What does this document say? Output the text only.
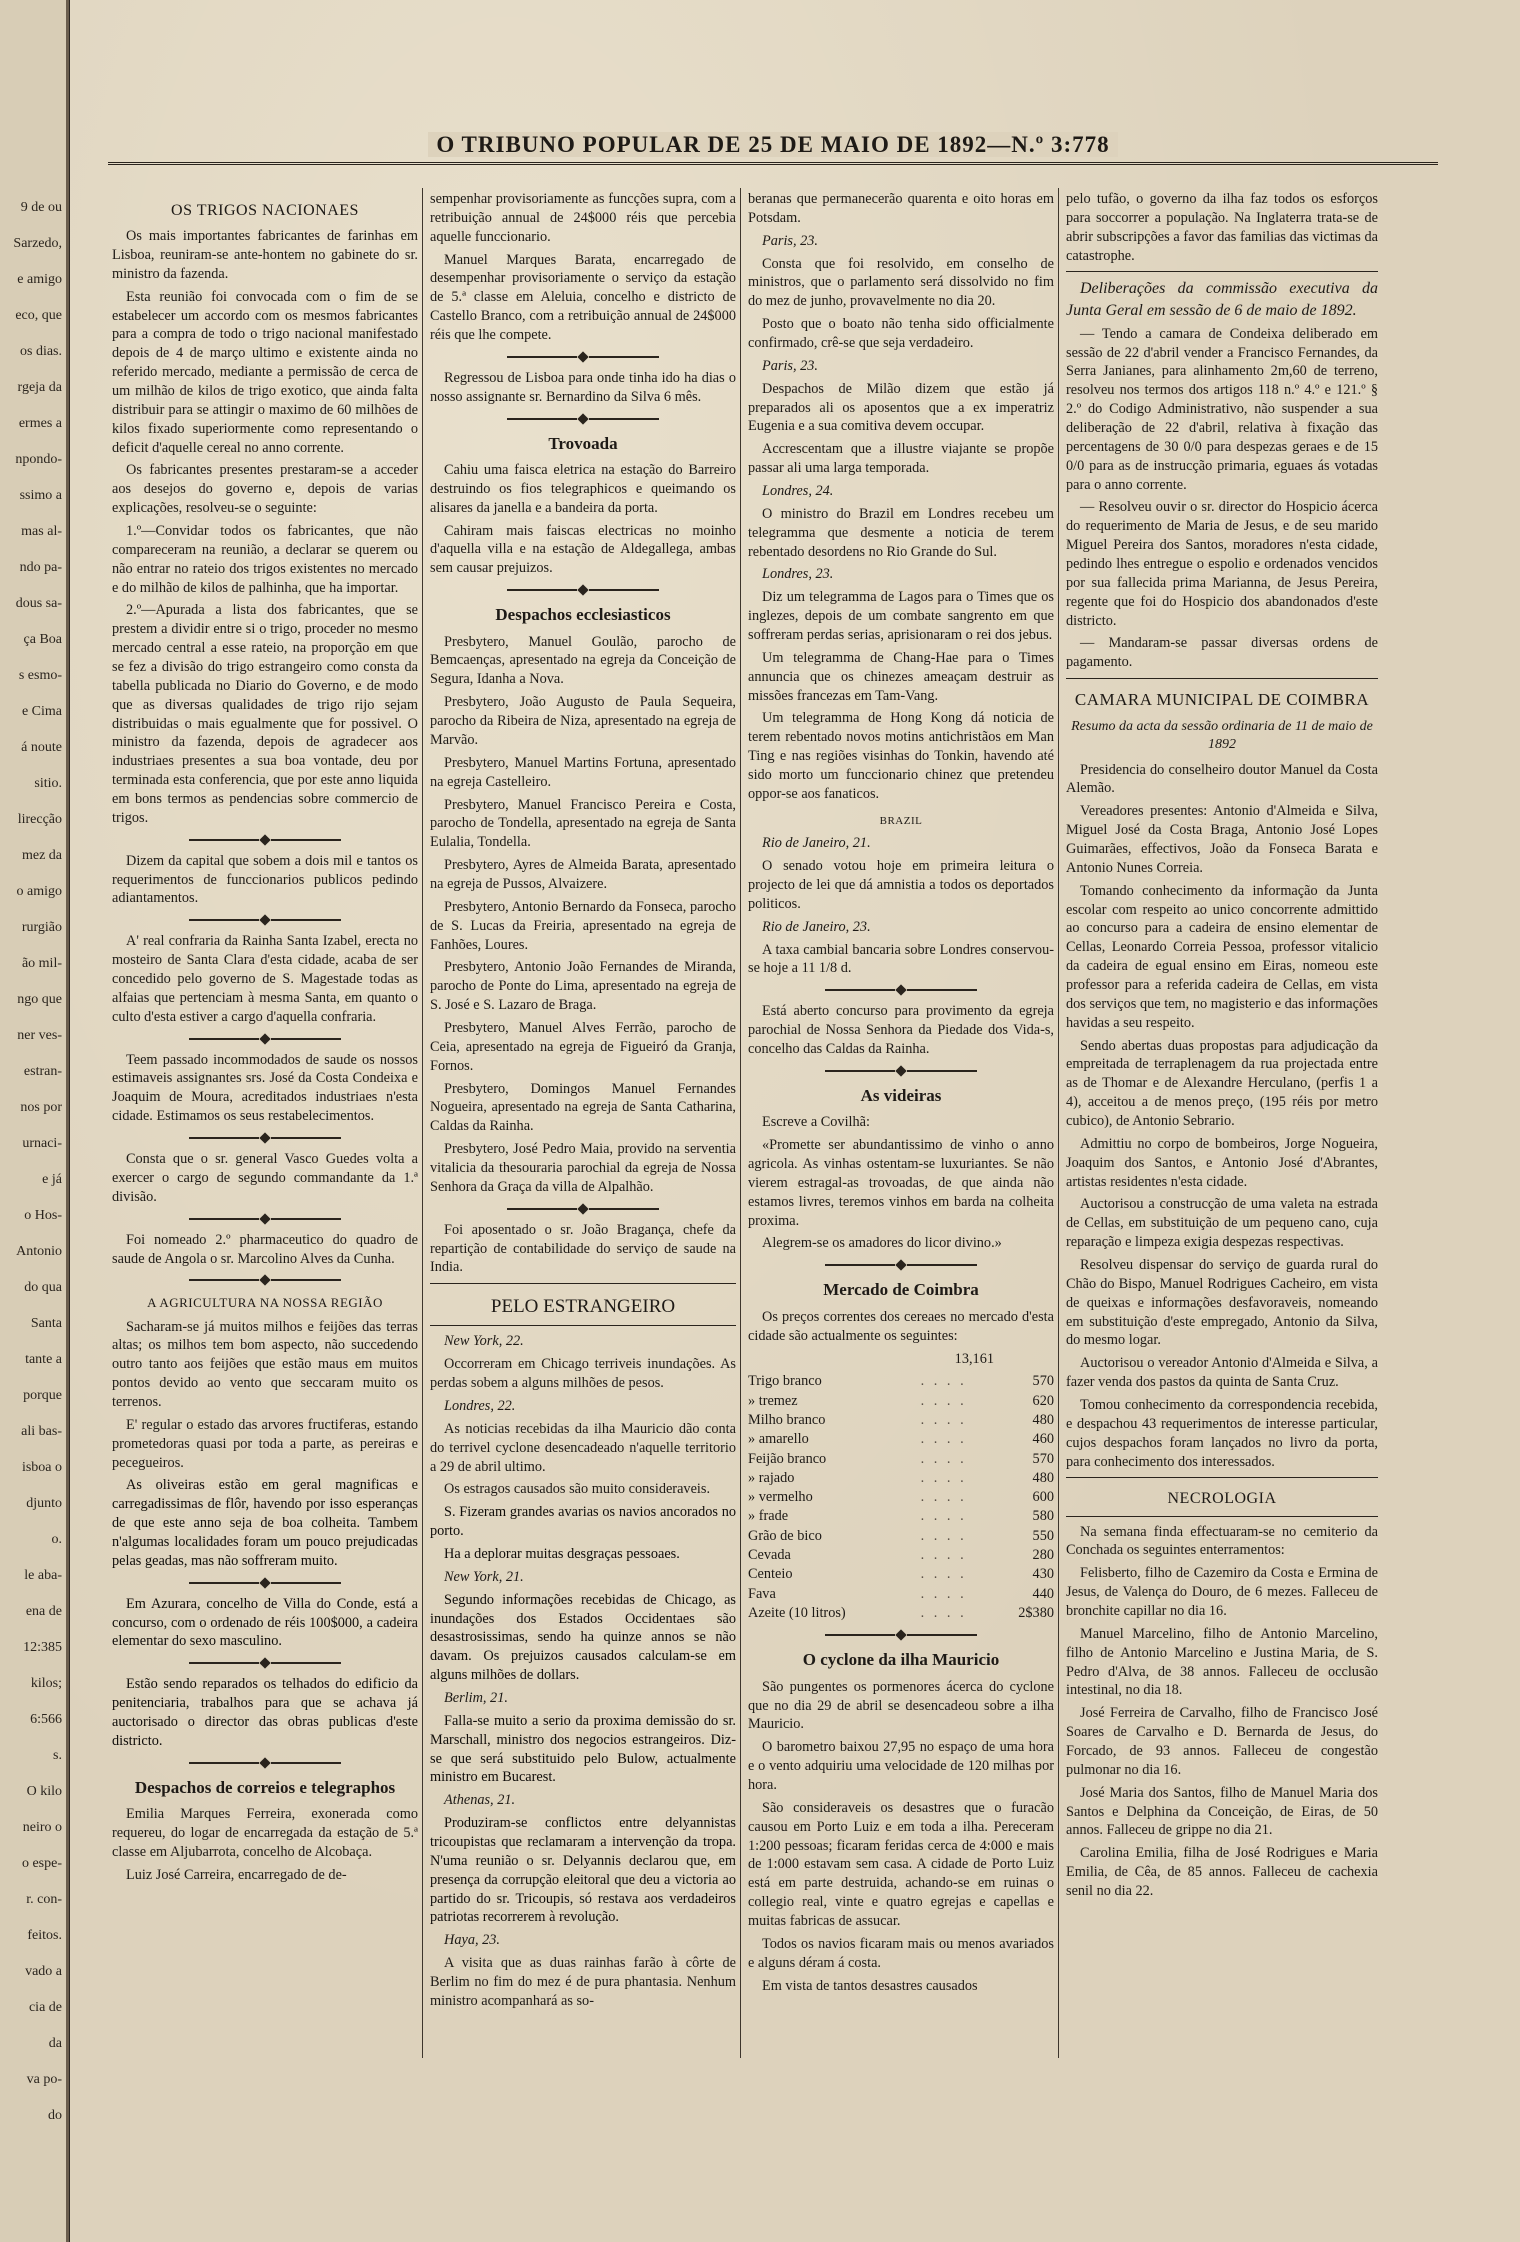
9 de ou
Sarzedo,
e amigo
eco, que
os dias.
rgeja da
ermes a
npondo-
ssimo a
mas al-
ndo pa-
dous sa-
ça Boa
s esmo-
e Cima
á noute
sitio.
lirecção
mez da
o amigo
rurgião
ão mil-
ngo que
ner ves-
estran-
nos por
urnaci-
e já
o Hos-
Antonio
do qua
Santa
tante a
porque
ali bas-
isboa o
djunto
o.
le aba-
ena de
12:385
kilos;
6:566
s.
O kilo
neiro o
o espe-
r. con-
feitos.
vado a
cia de
da
va po-
do
O TRIBUNO POPULAR DE 25 DE MAIO DE 1892—N.º 3:778
OS TRIGOS NACIONAES

Os mais importantes fabricantes de farinhas em Lisboa, reuniram-se ante-hontem no gabinete do sr. ministro da fazenda.

Esta reunião foi convocada com o fim de se estabelecer um accordo com os mesmos fabricantes para a compra de todo o trigo nacional manifestado depois de 4 de março ultimo e existente ainda no referido mercado, mediante a permissão de cerca de um milhão de kilos de trigo exotico, que ainda falta distribuir para se attingir o maximo de 60 milhões de kilos fixado superiormente como representando o deficit d'aquelle cereal no anno corrente.

Os fabricantes presentes prestaram-se a acceder aos desejos do governo e, depois de varias explicações, resolveu-se o seguinte:

1.º—Convidar todos os fabricantes, que não compareceram na reunião, a declarar se querem ou não entrar no rateio dos trigos existentes no mercado e do milhão de kilos de palhinha, que ha importar.

2.º—Apurada a lista dos fabricantes, que se prestem a dividir entre si o trigo, proceder no mesmo mercado central a esse rateio, na proporção em que se fez a divisão do trigo estrangeiro como consta da tabella publicada no Diario do Governo, e de modo que as diversas qualidades de trigo rijo sejam distribuidas o mais egualmente que for possivel. O ministro da fazenda, depois de agradecer aos industriaes presentes a sua boa vontade, deu por terminada esta conferencia, que por este anno liquida em bons termos as pendencias sobre commercio de trigos.

Dizem da capital que sobem a dois mil e tantos os requerimentos de funccionarios publicos pedindo adiantamentos.

A' real confraria da Rainha Santa Izabel, erecta no mosteiro de Santa Clara d'esta cidade, acaba de ser concedido pelo governo de S. Magestade todas as alfaias que pertenciam à mesma Santa, em quanto o culto d'esta estiver a cargo d'aquella confraria.

Teem passado incommodados de saude os nossos estimaveis assignantes srs. José da Costa Condeixa e Joaquim de Moura, acreditados industriaes n'esta cidade. Estimamos os seus restabelecimentos.

Consta que o sr. general Vasco Guedes volta a exercer o cargo de segundo commandante da 1.ª divisão.

Foi nomeado 2.º pharmaceutico do quadro de saude de Angola o sr. Marcolino Alves da Cunha.

A AGRICULTURA NA NOSSA REGIÃO

Sacharam-se já muitos milhos e feijões das terras altas; os milhos tem bom aspecto, não succedendo outro tanto aos feijões que estão maus em muitos pontos devido ao vento que seccaram muito os terrenos.

E' regular o estado das arvores fructiferas, estando prometedoras quasi por toda a parte, as pereiras e pecegueiros.

As oliveiras estão em geral magnificas e carregadissimas de flôr, havendo por isso esperanças de que este anno seja de boa colheita. Tambem n'algumas localidades foram um pouco prejudicadas pelas geadas, mas não soffreram muito.

Em Azurara, concelho de Villa do Conde, está a concurso, com o ordenado de réis 100$000, a cadeira elementar do sexo masculino.

Estão sendo reparados os telhados do edificio da penitenciaria, trabalhos para que se achava já auctorisado o director das obras publicas d'este districto.

Despachos de correios e telegraphos

Emilia Marques Ferreira, exonerada como requereu, do logar de encarregada da estação de 5.ª classe em Aljubarrota, concelho de Alcobaça.

Luiz José Carreira, encarregado de de-

sempenhar provisoriamente as funcções supra, com a retribuição annual de 24$000 réis que percebia aquelle funccionario.

Manuel Marques Barata, encarregado de desempenhar provisoriamente o serviço da estação de 5.ª classe em Aleluia, concelho e districto de Castello Branco, com a retribuição annual de 24$000 réis que lhe compete.

Regressou de Lisboa para onde tinha ido ha dias o nosso assignante sr. Bernardino da Silva 6 mês.

Trovoada

Cahiu uma faisca eletrica na estação do Barreiro destruindo os fios telegraphicos e queimando os alisares da janella e a bandeira da porta.

Cahiram mais faiscas electricas no moinho d'aquella villa e na estação de Aldegallega, ambas sem causar prejuizos.

Despachos ecclesiasticos

Presbytero, Manuel Goulão, parocho de Bemcaenças, apresentado na egreja da Conceição de Segura, Idanha a Nova.

Presbytero, João Augusto de Paula Sequeira, parocho da Ribeira de Niza, apresentado na egreja de Marvão.

Presbytero, Manuel Martins Fortuna, apresentado na egreja Castelleiro.

Presbytero, Manuel Francisco Pereira e Costa, parocho de Tondella, apresentado na egreja de Santa Eulalia, Tondella.

Presbytero, Ayres de Almeida Barata, apresentado na egreja de Pussos, Alvaizere.

Presbytero, Antonio Bernardo da Fonseca, parocho de S. Lucas da Freiria, apresentado na egreja de Fanhões, Loures.

Presbytero, Antonio João Fernandes de Miranda, parocho de Ponte do Lima, apresentado na egreja de S. José e S. Lazaro de Braga.

Presbytero, Manuel Alves Ferrão, parocho de Ceia, apresentado na egreja de Figueiró da Granja, Fornos.

Presbytero, Domingos Manuel Fernandes Nogueira, apresentado na egreja de Santa Catharina, Caldas da Rainha.

Presbytero, José Pedro Maia, provido na serventia vitalicia da thesouraria parochial da egreja de Nossa Senhora da Graça da villa de Alpalhão.

Foi aposentado o sr. João Bragança, chefe da repartição de contabilidade do serviço de saude na India.

PELO ESTRANGEIRO

New York, 22.

Occorreram em Chicago terriveis inundações. As perdas sobem a alguns milhões de pesos.

Londres, 22.

As noticias recebidas da ilha Mauricio dão conta do terrivel cyclone desencadeado n'aquelle territorio a 29 de abril ultimo.

Os estragos causados são muito consideraveis.

S. Fizeram grandes avarias os navios ancorados no porto.

Ha a deplorar muitas desgraças pessoaes.

New York, 21.

Segundo informações recebidas de Chicago, as inundações dos Estados Occidentaes são desastrosissimas, sendo ha quinze annos se não davam. Os prejuizos causados calculam-se em alguns milhões de dollars.

Berlim, 21.

Falla-se muito a serio da proxima demissão do sr. Marschall, ministro dos negocios estrangeiros. Diz-se que será substituido pelo Bulow, actualmente ministro em Bucarest.

Athenas, 21.

Produziram-se conflictos entre delyannistas tricoupistas que reclamaram a intervenção da tropa. N'uma reunião o sr. Delyannis declarou que, em presença da corrupção eleitoral que deu a victoria ao partido do sr. Tricoupis, só restava aos verdadeiros patriotas recorrerem à revolução.

Haya, 23.

A visita que as duas rainhas farão à côrte de Berlim no fim do mez é de pura phantasia. Nenhum ministro acompanhará as so-

beranas que permanecerão quarenta e oito horas em Potsdam.

Paris, 23.

Consta que foi resolvido, em conselho de ministros, que o parlamento será dissolvido no fim do mez de junho, provavelmente no dia 20.

Posto que o boato não tenha sido officialmente confirmado, crê-se que seja verdadeiro.

Paris, 23.

Despachos de Milão dizem que estão já preparados ali os aposentos que a ex imperatriz Eugenia e a sua comitiva devem occupar.

Accrescentam que a illustre viajante se propõe passar ali uma larga temporada.

Londres, 24.

O ministro do Brazil em Londres recebeu um telegramma que desmente a noticia de terem rebentado desordens no Rio Grande do Sul.

Londres, 23.

Diz um telegramma de Lagos para o Times que os inglezes, depois de um combate sangrento em que soffreram perdas serias, aprisionaram o rei dos jebus.

Um telegramma de Chang-Hae para o Times annuncia que os chinezes ameaçam destruir as missões francezas em Tam-Vang.

Um telegramma de Hong Kong dá noticia de terem rebentado novos motins antichristãos em Man Ting e nas regiões visinhas do Tonkin, havendo até sido morto um funccionario chinez que pretendeu oppor-se aos fanaticos.

BRAZIL

Rio de Janeiro, 21.

O senado votou hoje em primeira leitura o projecto de lei que dá amnistia a todos os deportados politicos.

Rio de Janeiro, 23.

A taxa cambial bancaria sobre Londres conservou-se hoje a 11 1/8 d.

Está aberto concurso para provimento da egreja parochial de Nossa Senhora da Piedade dos Vida-s, concelho das Caldas da Rainha.

As videiras

Escreve a Covilhã:

«Promette ser abundantissimo de vinho o anno agricola. As vinhas ostentam-se luxuriantes. Se não vierem estragal-as trovoadas, de que ainda não estamos livres, teremos vinhos em barda na colheita proxima.

Alegrem-se os amadores do licor divino.»

Mercado de Coimbra

Os preços correntes dos cereaes no mercado d'esta cidade são actualmente os seguintes:

13,161
Trigo branco	. . . .	570
» tremez	. . . .	620
Milho branco	. . . .	480
» amarello	. . . .	460
Feijão branco	. . . .	570
» rajado	. . . .	480
» vermelho	. . . .	600
» frade	. . . .	580
Grão de bico	. . . .	550
Cevada	. . . .	280
Centeio	. . . .	430
Fava	. . . .	440
Azeite (10 litros)	. . . .	2$380
O cyclone da ilha Mauricio

São pungentes os pormenores ácerca do cyclone que no dia 29 de abril se desencadeou sobre a ilha Mauricio.

O barometro baixou 27,95 no espaço de uma hora e o vento adquiriu uma velocidade de 120 milhas por hora.

São consideraveis os desastres que o furacão causou em Porto Luiz e em toda a ilha. Pereceram 1:200 pessoas; ficaram feridas cerca de 4:000 e mais de 1:000 estavam sem casa. A cidade de Porto Luiz está em parte destruida, achando-se em ruinas o collegio real, vinte e quatro egrejas e capellas e muitas fabricas de assucar.

Todos os navios ficaram mais ou menos avariados e alguns déram á costa.

Em vista de tantos desastres causados

pelo tufão, o governo da ilha faz todos os esforços para soccorrer a população. Na Inglaterra trata-se de abrir subscripções a favor das familias das victimas da catastrophe.

Deliberações da commissão executiva da Junta Geral em sessão de 6 de maio de 1892.

— Tendo a camara de Condeixa deliberado em sessão de 22 d'abril vender a Francisco Fernandes, da Serra Janianes, para alinhamento 2m,60 de terreno, resolveu nos termos dos artigos 118 n.º 4.º e 121.º § 2.º do Codigo Administrativo, não suspender a sua deliberação de 22 d'abril, relativa à fixação das percentagens de 30 0/0 para despezas geraes e de 15 0/0 para as de instrucção primaria, eguaes ás votadas para o anno corrente.

— Resolveu ouvir o sr. director do Hospicio ácerca do requerimento de Maria de Jesus, e de seu marido Miguel Pereira dos Santos, moradores n'esta cidade, pedindo lhes entregue o espolio e ordenados vencidos por sua fallecida prima Marianna, de Jesus Pereira, regente que foi do Hospicio dos abandonados d'este districto.

— Mandaram-se passar diversas ordens de pagamento.

CAMARA MUNICIPAL DE COIMBRA
Resumo da acta da sessão ordinaria de 11 de maio de 1892

Presidencia do conselheiro doutor Manuel da Costa Alemão.

Vereadores presentes: Antonio d'Almeida e Silva, Miguel José da Costa Braga, Antonio José Lopes Guimarães, effectivos, João da Fonseca Barata e Antonio Nunes Correia.

Tomando conhecimento da informação da Junta escolar com respeito ao unico concorrente admittido ao concurso para a cadeira de ensino elementar de Cellas, Leonardo Correia Pessoa, professor vitalicio da cadeira de egual ensino em Eiras, nomeou este professor para a referida cadeira de Cellas, em vista dos serviços que tem, no magisterio e das informações havidas a seu respeito.

Sendo abertas duas propostas para adjudicação da empreitada de terraplenagem da rua projectada entre as de Thomar e de Alexandre Herculano, (perfis 1 a 4), acceitou a de menos preço, (195 réis por metro cubico), de Antonio Sebrario.

Admittiu no corpo de bombeiros, Jorge Nogueira, Joaquim dos Santos, e Antonio José d'Abrantes, artistas residentes n'esta cidade.

Auctorisou a construcção de uma valeta na estrada de Cellas, em substituição de um pequeno cano, cuja reparação e limpeza exigia despezas respectivas.

Resolveu dispensar do serviço de guarda rural do Chão do Bispo, Manuel Rodrigues Cacheiro, em vista de queixas e informações desfavoraveis, nomeando em substituição d'este empregado, Antonio da Silva, do mesmo logar.

Auctorisou o vereador Antonio d'Almeida e Silva, a fazer venda dos pastos da quinta de Santa Cruz.

Tomou conhecimento da correspondencia recebida, e despachou 43 requerimentos de interesse particular, cujos despachos foram lançados no livro da porta, para conhecimento dos interessados.

NECROLOGIA

Na semana finda effectuaram-se no cemiterio da Conchada os seguintes enterramentos:

Felisberto, filho de Cazemiro da Costa e Ermina de Jesus, de Valença do Douro, de 6 mezes. Falleceu de bronchite capillar no dia 16.

Manuel Marcelino, filho de Antonio Marcelino, filho de Antonio Marcelino e Justina Maria, de S. Pedro d'Alva, de 38 annos. Falleceu de occlusão intestinal, no dia 18.

José Ferreira de Carvalho, filho de Francisco José Soares de Carvalho e D. Bernarda de Jesus, do Forcado, de 93 annos. Falleceu de congestão pulmonar no dia 16.

José Maria dos Santos, filho de Manuel Maria dos Santos e Delphina da Conceição, de Eiras, de 50 annos. Falleceu de grippe no dia 21.

Carolina Emilia, filha de José Rodrigues e Maria Emilia, de Cêa, de 85 annos. Falleceu de cachexia senil no dia 22.
